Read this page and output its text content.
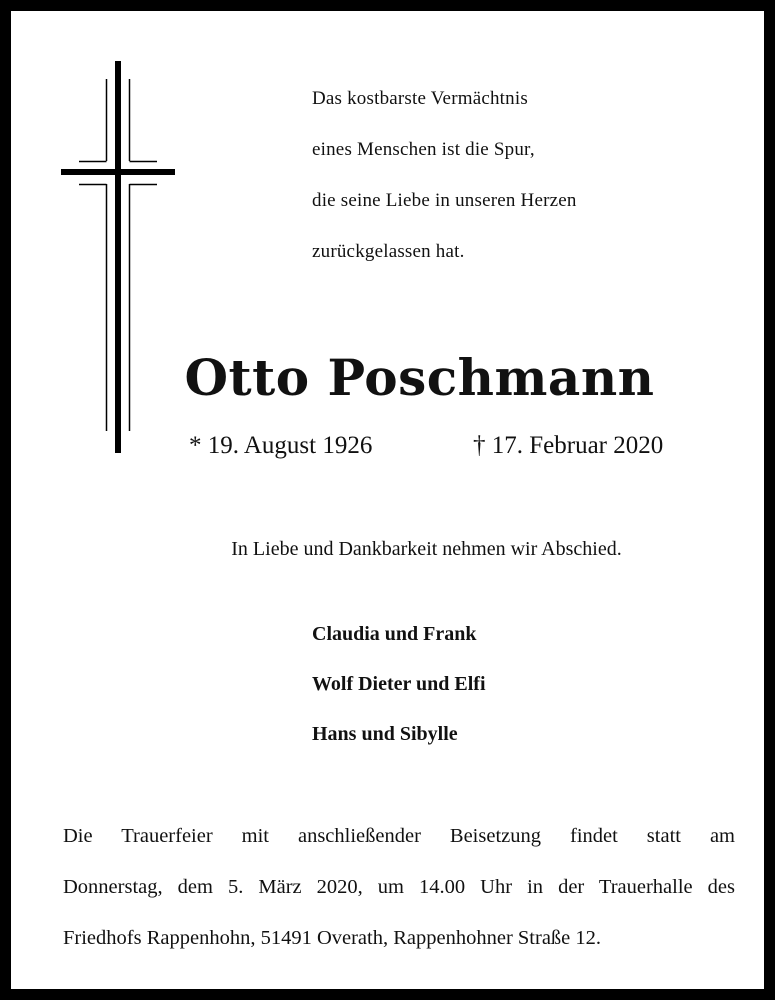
Das kostbarste Vermächtnis
eines Menschen ist die Spur,
die seine Liebe in unseren Herzen
zurückgelassen hat.
Otto Poschmann
* 19. August 1926	† 17. Februar 2020
In Liebe und Dankbarkeit nehmen wir Abschied.
Claudia und Frank
Wolf Dieter und Elfi
Hans und Sibylle
Die Trauerfeier mit anschließender Beisetzung findet statt am
Donnerstag, dem 5. März 2020, um 14.00 Uhr in der Trauerhalle des
Friedhofs Rappenhohn, 51491 Overath, Rappenhohner Straße 12.
